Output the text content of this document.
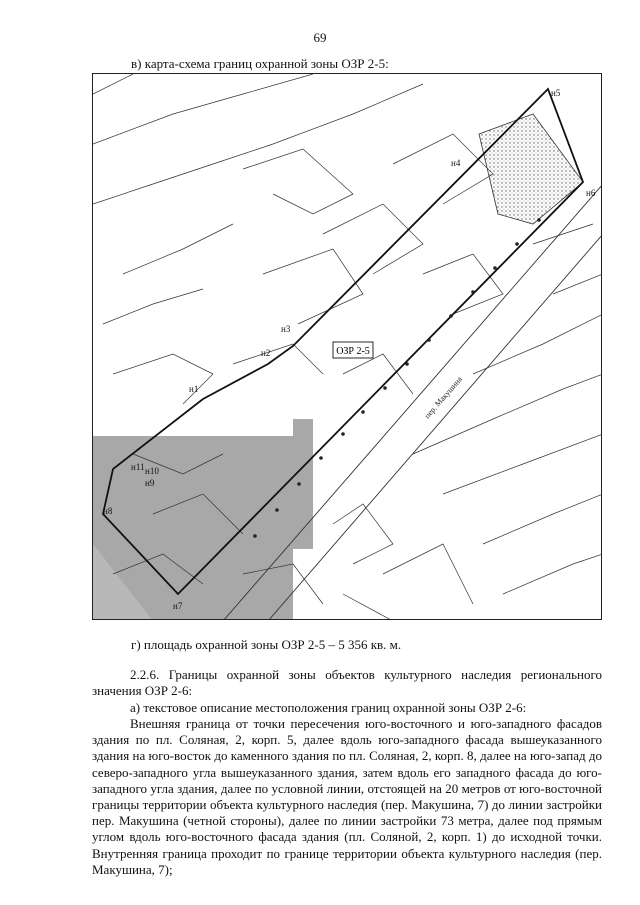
69
в) карта-схема границ охранной зоны ОЗР 2-5:
ОЗР 2-5
н1
н2
н3
н4
н5
н6
н7
н8
н9
н10
н11
пер. Макушина
г) площадь охранной зоны ОЗР 2-5 – 5 356 кв. м.

2.2.6. Границы охранной зоны объектов культурного наследия регионального значения ОЗР 2-6:

а) текстовое описание местоположения границ охранной зоны ОЗР 2-6:

Внешняя граница от точки пересечения юго-восточного и юго-западного фасадов здания по пл. Соляная, 2, корп. 5, далее вдоль юго-западного фасада вышеуказанного здания на юго-восток до каменного здания по пл. Соляная, 2, корп. 8, далее на юго-запад до северо-западного угла вышеуказанного здания, затем вдоль его западного фасада до юго-западного угла здания, далее по условной линии, отстоящей на 20 метров от юго-восточной границы территории объекта культурного наследия (пер. Макушина, 7) до линии застройки пер. Макушина (четной стороны), далее по линии застройки 73 метра, далее под прямым углом вдоль юго-восточного фасада здания (пл. Соляной, 2, корп. 1) до исходной точки. Внутренняя граница проходит по границе территории объекта культурного наследия (пер. Макушина, 7);
